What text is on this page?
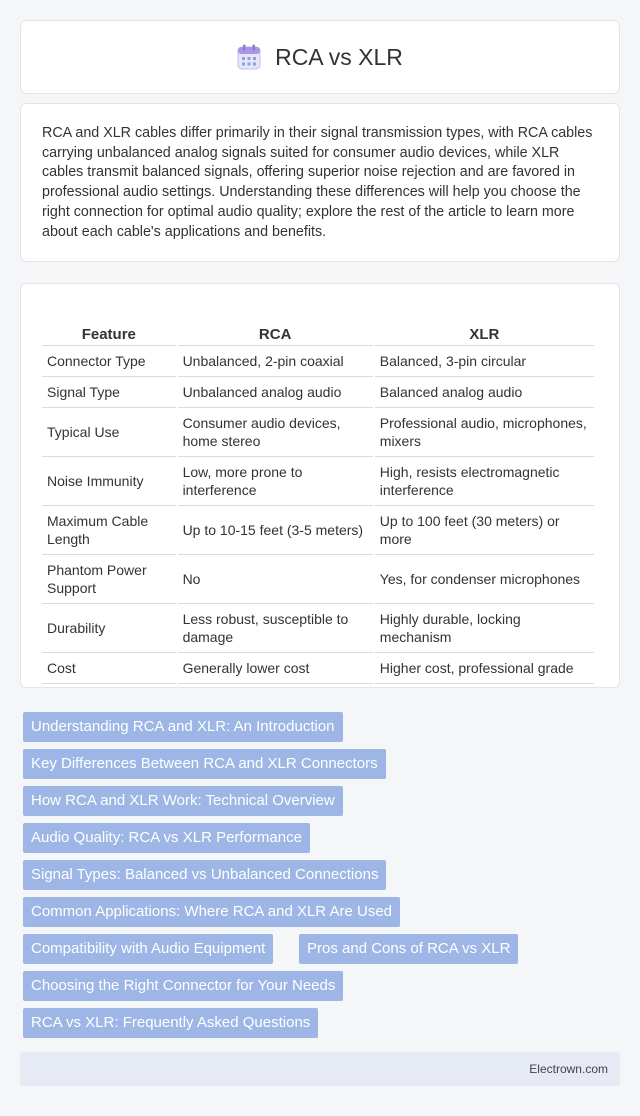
RCA vs XLR

RCA and XLR cables differ primarily in their signal transmission types, with RCA cables carrying unbalanced analog signals suited for consumer audio devices, while XLR cables transmit balanced signals, offering superior noise rejection and are favored in professional audio settings. Understanding these differences will help you choose the right connection for optimal audio quality; explore the rest of the article to learn more about each cable's applications and benefits.

Feature	RCA	XLR
Connector Type	Unbalanced, 2-pin coaxial	Balanced, 3-pin circular
Signal Type	Unbalanced analog audio	Balanced analog audio
Typical Use	Consumer audio devices, home stereo	Professional audio, microphones, mixers
Noise Immunity	Low, more prone to interference	High, resists electromagnetic interference
Maximum Cable Length	Up to 10-15 feet (3-5 meters)	Up to 100 feet (30 meters) or more
Phantom Power Support	No	Yes, for condenser microphones
Durability	Less robust, susceptible to damage	Highly durable, locking mechanism
Cost	Generally lower cost	Higher cost, professional grade
Understanding RCA and XLR: An Introduction
Key Differences Between RCA and XLR Connectors
How RCA and XLR Work: Technical Overview
Audio Quality: RCA vs XLR Performance
Signal Types: Balanced vs Unbalanced Connections
Common Applications: Where RCA and XLR Are Used
Compatibility with Audio Equipment	Pros and Cons of RCA vs XLR
Choosing the Right Connector for Your Needs
RCA vs XLR: Frequently Asked Questions
Electrown.com
